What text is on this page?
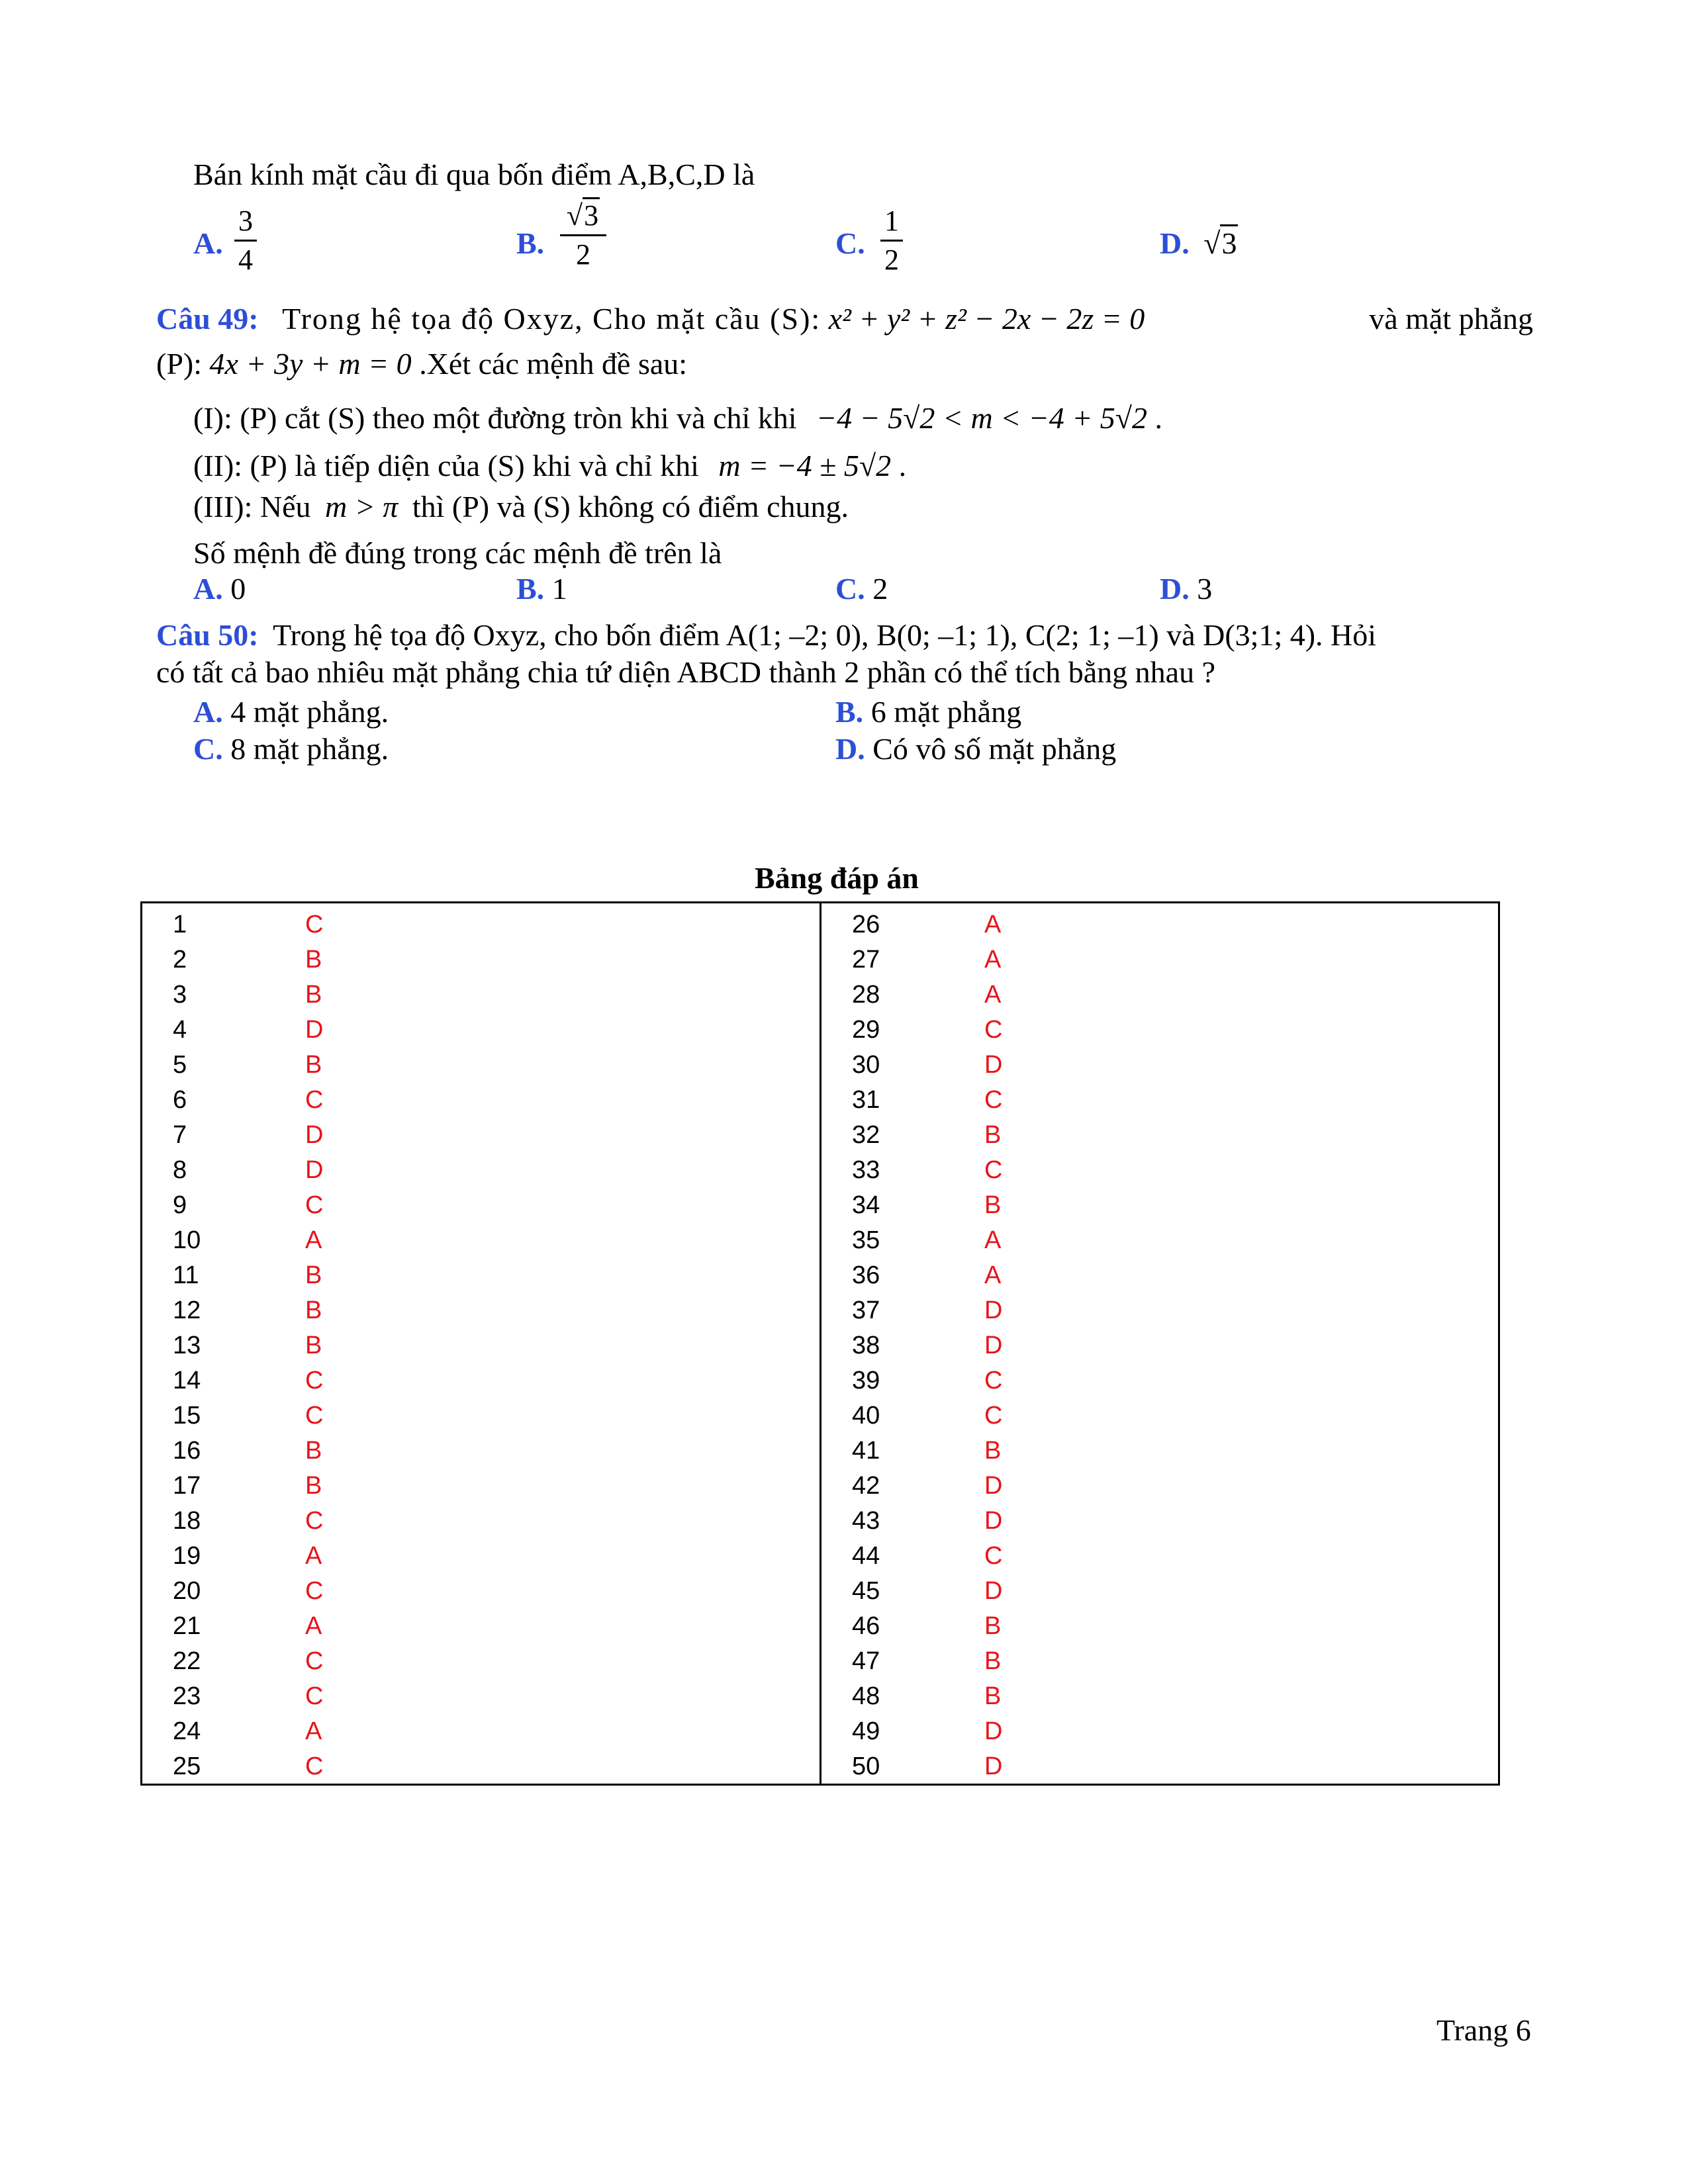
Bán kính mặt cầu đi qua bốn điểm A,B,C,D là
A.
3
4	B.
√3
2	C.
1
2	D. √3
Câu 49: Trong hệ tọa độ Oxyz, Cho mặt cầu (S): x² + y² + z² − 2x − 2z = 0	và mặt phẳng
(P): 4x + 3y + m = 0 .Xét các mệnh đề sau:
(I): (P) cắt (S) theo một đường tròn khi và chỉ khi −4 − 5√2 < m < −4 + 5√2 .
(II): (P) là tiếp diện của (S) khi và chỉ khi m = −4 ± 5√2 .
(III): Nếu m > π thì (P) và (S) không có điểm chung.
Số mệnh đề đúng trong các mệnh đề trên là
A. 0	B. 1	C. 2	D. 3
Câu 50: Trong hệ tọa độ Oxyz, cho bốn điểm A(1; –2; 0), B(0; –1; 1), C(2; 1; –1) và D(3;1; 4). Hỏi
có tất cả bao nhiêu mặt phẳng chia tứ diện ABCD thành 2 phần có thể tích bằng nhau ?
A. 4 mặt phẳng.	B. 6 mặt phẳng
C. 8 mặt phẳng.	D. Có vô số mặt phẳng
Bảng đáp án
1	C
2	B
3	B
4	D
5	B
6	C
7	D
8	D
9	C
10	A
11	B
12	B
13	B
14	C
15	C
16	B
17	B
18	C
19	A
20	C
21	A
22	C
23	C
24	A
25	C
26	A
27	A
28	A
29	C
30	D
31	C
32	B
33	C
34	B
35	A
36	A
37	D
38	D
39	C
40	C
41	B
42	D
43	D
44	C
45	D
46	B
47	B
48	B
49	D
50	D
Trang 6
